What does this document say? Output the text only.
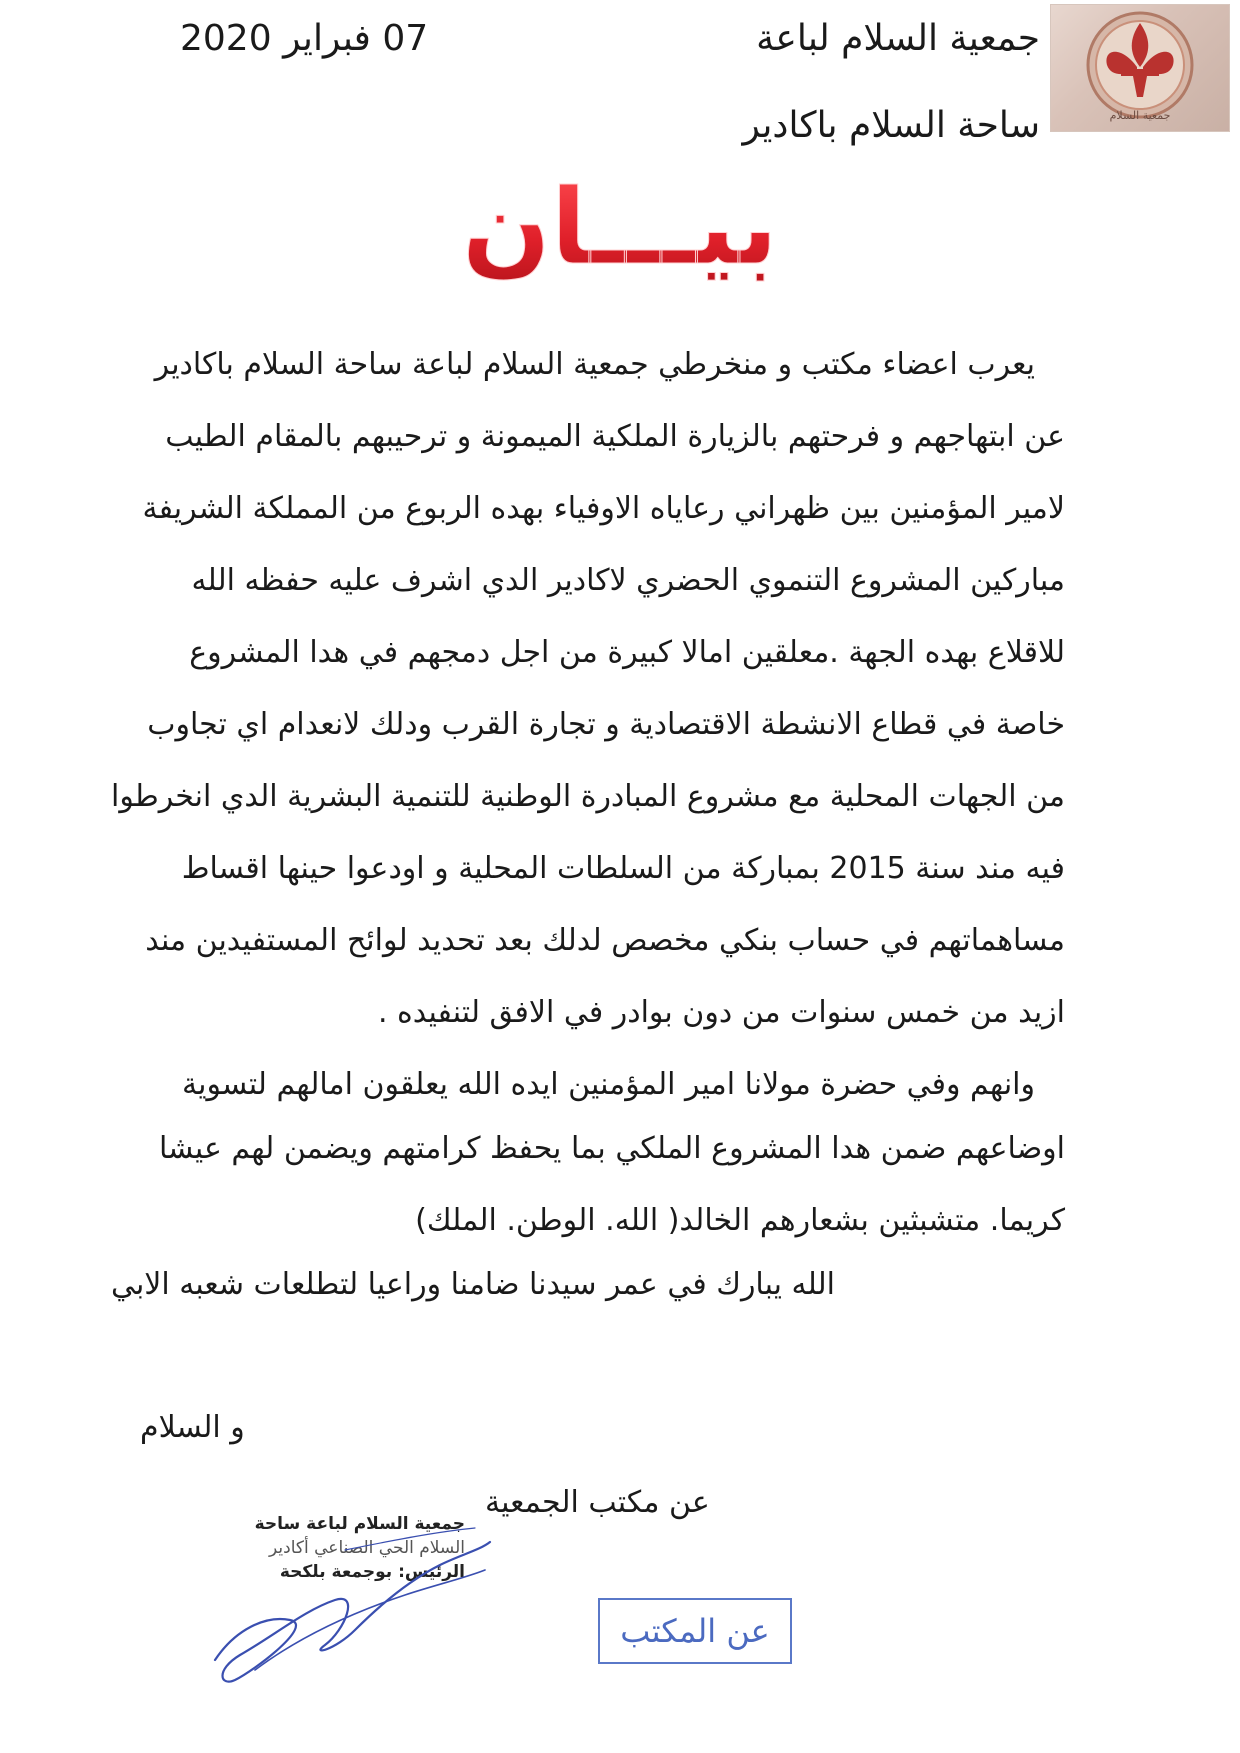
جمعية السلام
جمعية السلام لباعة
ساحة السلام باكادير
07 فبراير 2020
بيـــان
يعرب اعضاء مكتب و منخرطي جمعية السلام لباعة ساحة السلام باكادير
عن ابتهاجهم و فرحتهم بالزيارة الملكية الميمونة و ترحيبهم بالمقام الطيب
لامير المؤمنين بين ظهراني رعاياه الاوفياء بهده الربوع من المملكة الشريفة
مباركين المشروع التنموي الحضري لاكادير الدي اشرف عليه حفظه الله
للاقلاع بهده الجهة .معلقين امالا كبيرة من اجل دمجهم في هدا المشروع
خاصة في قطاع الانشطة الاقتصادية و تجارة القرب ودلك لانعدام اي تجاوب
من الجهات المحلية مع مشروع المبادرة الوطنية للتنمية البشرية الدي انخرطوا
فيه مند سنة 2015 بمباركة من السلطات المحلية و اودعوا حينها اقساط
مساهماتهم في حساب بنكي مخصص لدلك بعد تحديد لوائح المستفيدين مند
ازيد من خمس سنوات من دون بوادر في الافق لتنفيده .
وانهم وفي حضرة مولانا امير المؤمنين ايده الله يعلقون امالهم لتسوية
اوضاعهم ضمن هدا المشروع الملكي بما يحفظ كرامتهم ويضمن لهم عيشا
كريما. متشبثين بشعارهم الخالد( الله. الوطن. الملك)
الله يبارك في عمر سيدنا ضامنا وراعيا لتطلعات شعبه الابي
و السلام
عن مكتب الجمعية
جمعية السلام لباعة ساحة
السلام الحي الصناعي أكادير
الرئيس: بوجمعة بلكحة
عن المكتب
